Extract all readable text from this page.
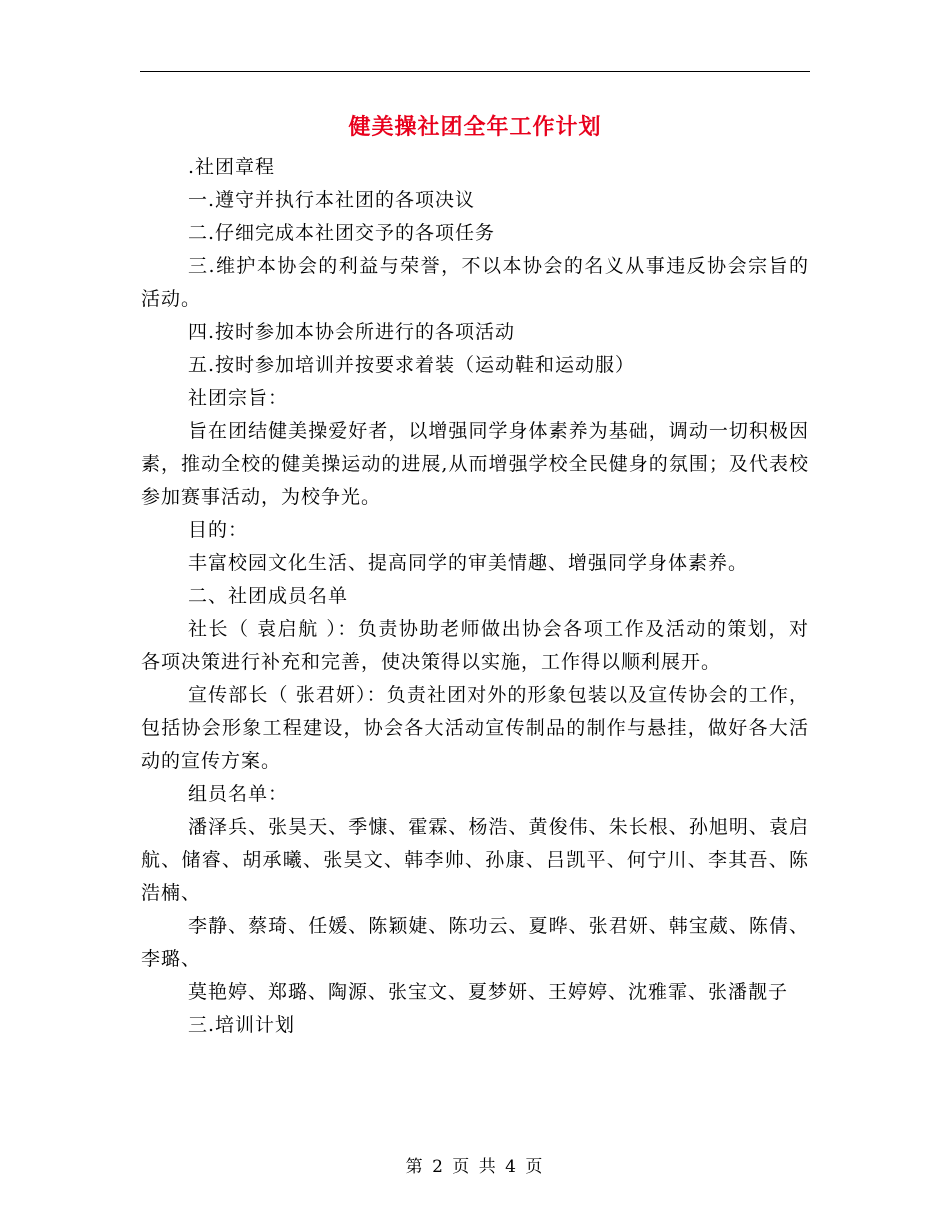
健美操社团全年工作计划

.社团章程

一.遵守并执行本社团的各项决议

二.仔细完成本社团交予的各项任务

三.维护本协会的利益与荣誉，不以本协会的名义从事违反协会宗旨的活动。

四.按时参加本协会所进行的各项活动

五.按时参加培训并按要求着装（运动鞋和运动服）

社团宗旨：

旨在团结健美操爱好者，以增强同学身体素养为基础，调动一切积极因素，推动全校的健美操运动的进展,从而增强学校全民健身的氛围；及代表校参加赛事活动，为校争光。

目的：

丰富校园文化生活、提高同学的审美情趣、增强同学身体素养。

二、社团成员名单

社长（ 袁启航 ）：负责协助老师做出协会各项工作及活动的策划，对各项决策进行补充和完善，使决策得以实施，工作得以顺利展开。

宣传部长（ 张君妍）：负责社团对外的形象包装以及宣传协会的工作，包括协会形象工程建设，协会各大活动宣传制品的制作与悬挂，做好各大活动的宣传方案。

组员名单：

潘泽兵、张昊天、季慷、霍霖、杨浩、黄俊伟、朱长根、孙旭明、袁启航、储睿、胡承曦、张昊文、韩李帅、孙康、吕凯平、何宁川、李其吾、陈浩楠、

李静、蔡琦、任媛、陈颖婕、陈功云、夏晔、张君妍、韩宝葳、陈倩、李璐、

莫艳婷、郑璐、陶源、张宝文、夏梦妍、王婷婷、沈雅霏、张潘靓子

三.培训计划

第 2 页 共 4 页
